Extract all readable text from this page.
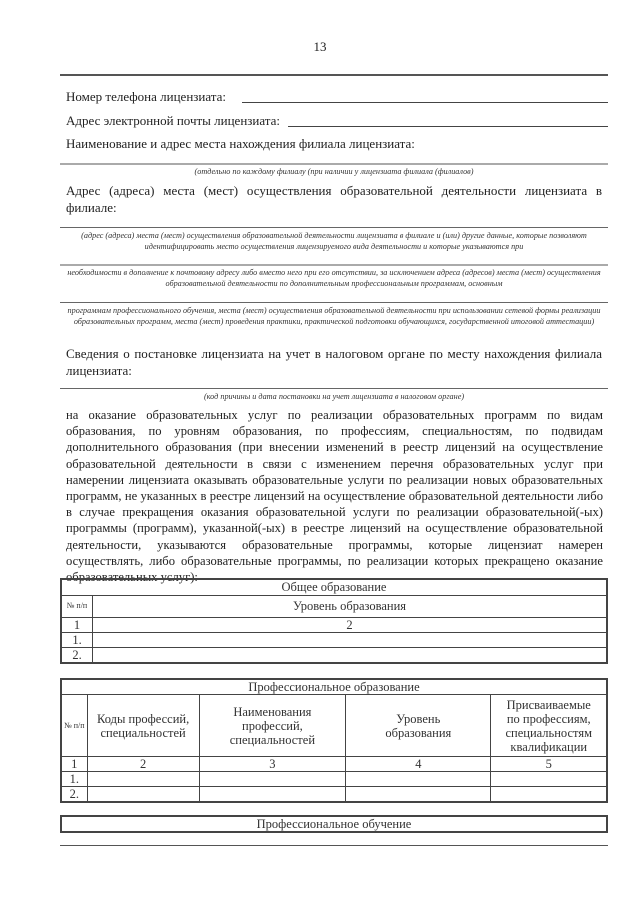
13
Номер телефона лицензиата:
Адрес электронной почты лицензиата:
Наименование и адрес места нахождения филиала лицензиата:
(отдельно по каждому филиалу (при наличии у лицензиата филиала (филиалов)
Адрес (адреса) места (мест) осуществления образовательной деятельности лицензиата в филиале:
(адрес (адреса) места (мест) осуществления образовательной деятельности лицензиата в филиале и (или) другие данные, которые позволяют идентифицировать место осуществления лицензируемого вида деятельности и которые указываются при
необходимости в дополнение к почтовому адресу либо вместо него при его отсутствии, за исключением адреса (адресов) места (мест) осуществления образовательной деятельности по дополнительным профессиональным программам, основным
программам профессионального обучения, места (мест) осуществления образовательной деятельности при использовании сетевой формы реализации образовательных программ, места (мест) проведения практики, практической подготовки обучающихся, государственной итоговой аттестации)
Сведения о постановке лицензиата на учет в налоговом органе по месту нахождения филиала лицензиата:
(код причины и дата постановки на учет лицензиата в налоговом органе)
на оказание образовательных услуг по реализации образовательных программ по видам образования, по уровням образования, по профессиям, специальностям, по подвидам дополнительного образования (при внесении изменений в реестр лицензий на осуществление образовательной деятельности в связи с изменением перечня образовательных услуг при намерении лицензиата оказывать образовательные услуги по реализации новых образовательных программ, не указанных в реестре лицензий на осуществление образовательной деятельности либо в случае прекращения оказания образовательной услуги по реализации образовательной(-ых) программы (программ), указанной(-ых) в реестре лицензий на осуществление образовательной деятельности, указываются образовательные программы, которые лицензиат намерен осуществлять, либо образовательные программы, по реализации которых прекращено оказание образовательных услуг):
Общее образование	
№ п/п	Уровень образования
1	2
1.	
2.	
Профессиональное образование				
№ п/п	Коды профессий, специальностей	Наименования профессий, специальностей	Уровень образования	Присваиваемые по профессиям, специальностям квалификации
1	2	3	4	5
1.				
2.				
Профессиональное обучение
